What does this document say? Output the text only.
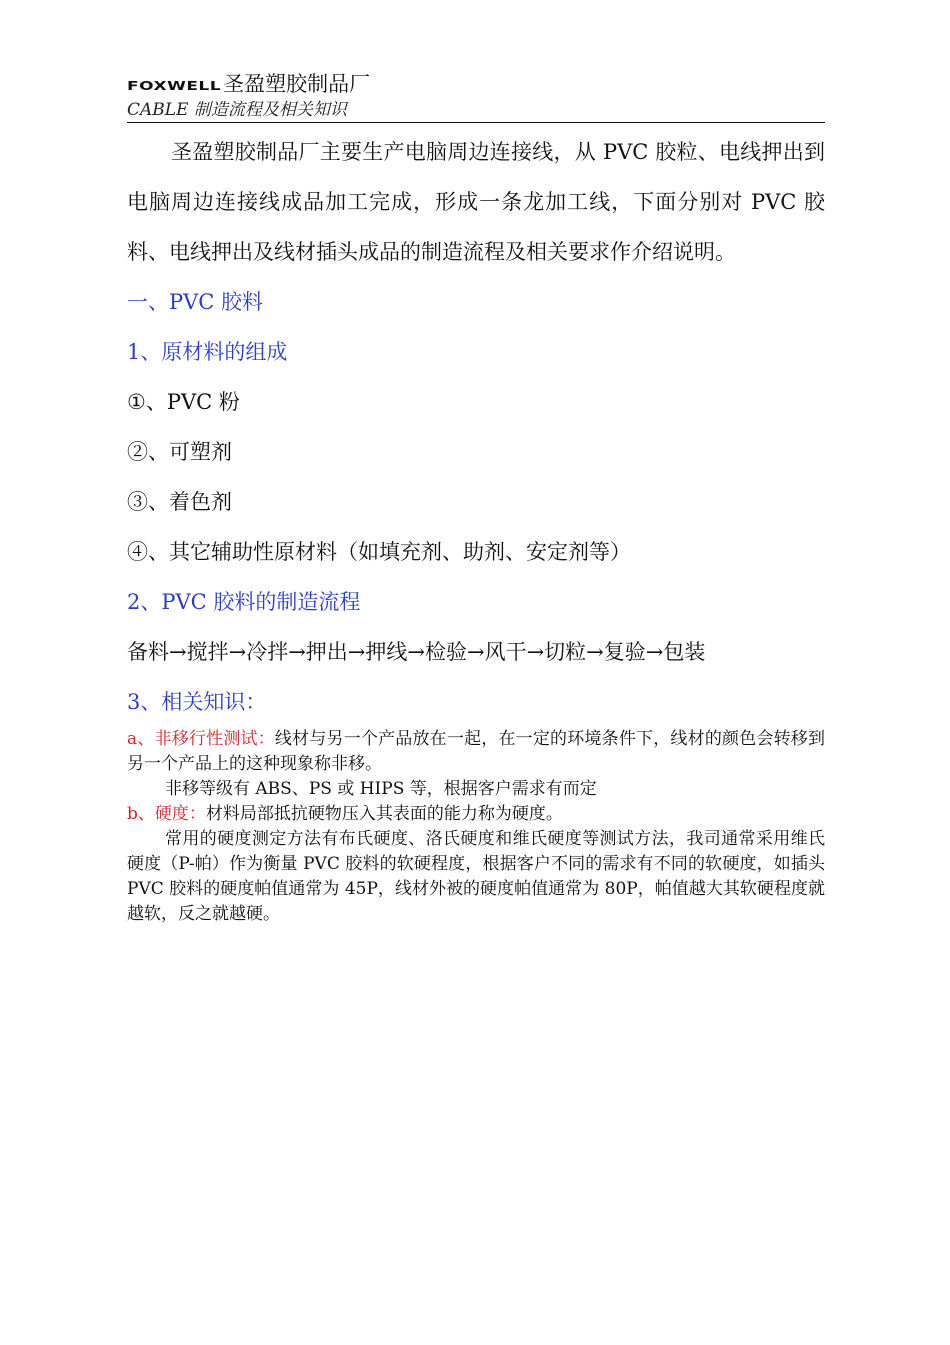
FOXWELL 圣盈塑胶制品厂
CABLE 制造流程及相关知识

圣盈塑胶制品厂主要生产电脑周边连接线，从 PVC 胶粒、电线押出到电脑周边连接线成品加工完成，形成一条龙加工线，下面分别对 PVC 胶料、电线押出及线材插头成品的制造流程及相关要求作介绍说明。

一、PVC 胶料
1、原材料的组成
①、PVC 粉
②、可塑剂
③、着色剂
④、其它辅助性原材料（如填充剂、助剂、安定剂等）
2、PVC 胶料的制造流程
备料→搅拌→冷拌→押出→押线→检验→风干→切粒→复验→包装
3、相关知识：

a、非移行性测试：线材与另一个产品放在一起，在一定的环境条件下，线材的颜色会转移到另一个产品上的这种现象称非移。

非移等级有 ABS、PS 或 HIPS 等，根据客户需求有而定

b、硬度：材料局部抵抗硬物压入其表面的能力称为硬度。

常用的硬度测定方法有布氏硬度、洛氏硬度和维氏硬度等测试方法，我司通常采用维氏硬度（P-帕）作为衡量 PVC 胶料的软硬程度，根据客户不同的需求有不同的软硬度，如插头 PVC 胶料的硬度帕值通常为 45P，线材外被的硬度帕值通常为 80P，帕值越大其软硬程度就越软，反之就越硬。
